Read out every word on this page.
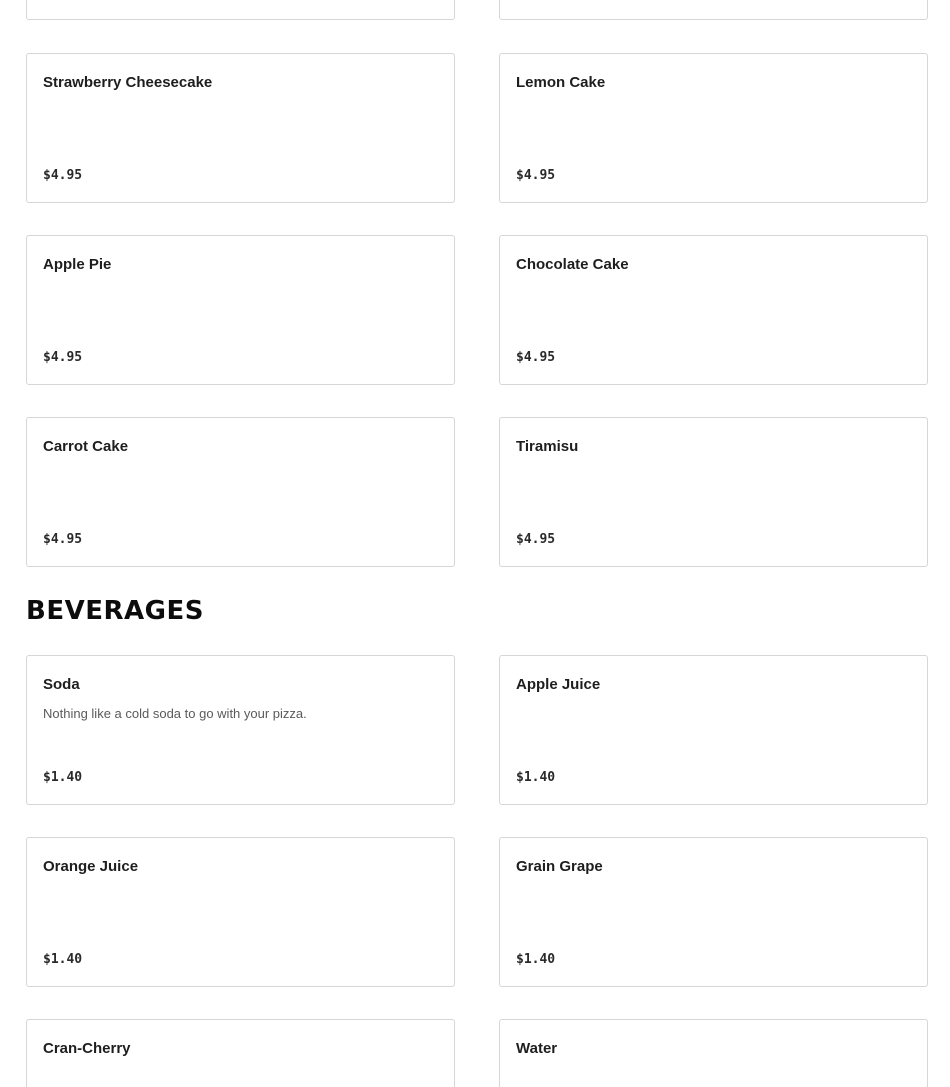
Strawberry Cheesecake
$4.95
Lemon Cake
$4.95
Apple Pie
$4.95
Chocolate Cake
$4.95
Carrot Cake
$4.95
Tiramisu
$4.95
BEVERAGES
Soda
Nothing like a cold soda to go with your pizza.
$1.40
Apple Juice
$1.40
Orange Juice
$1.40
Grain Grape
$1.40
Cran-Cherry	Water
